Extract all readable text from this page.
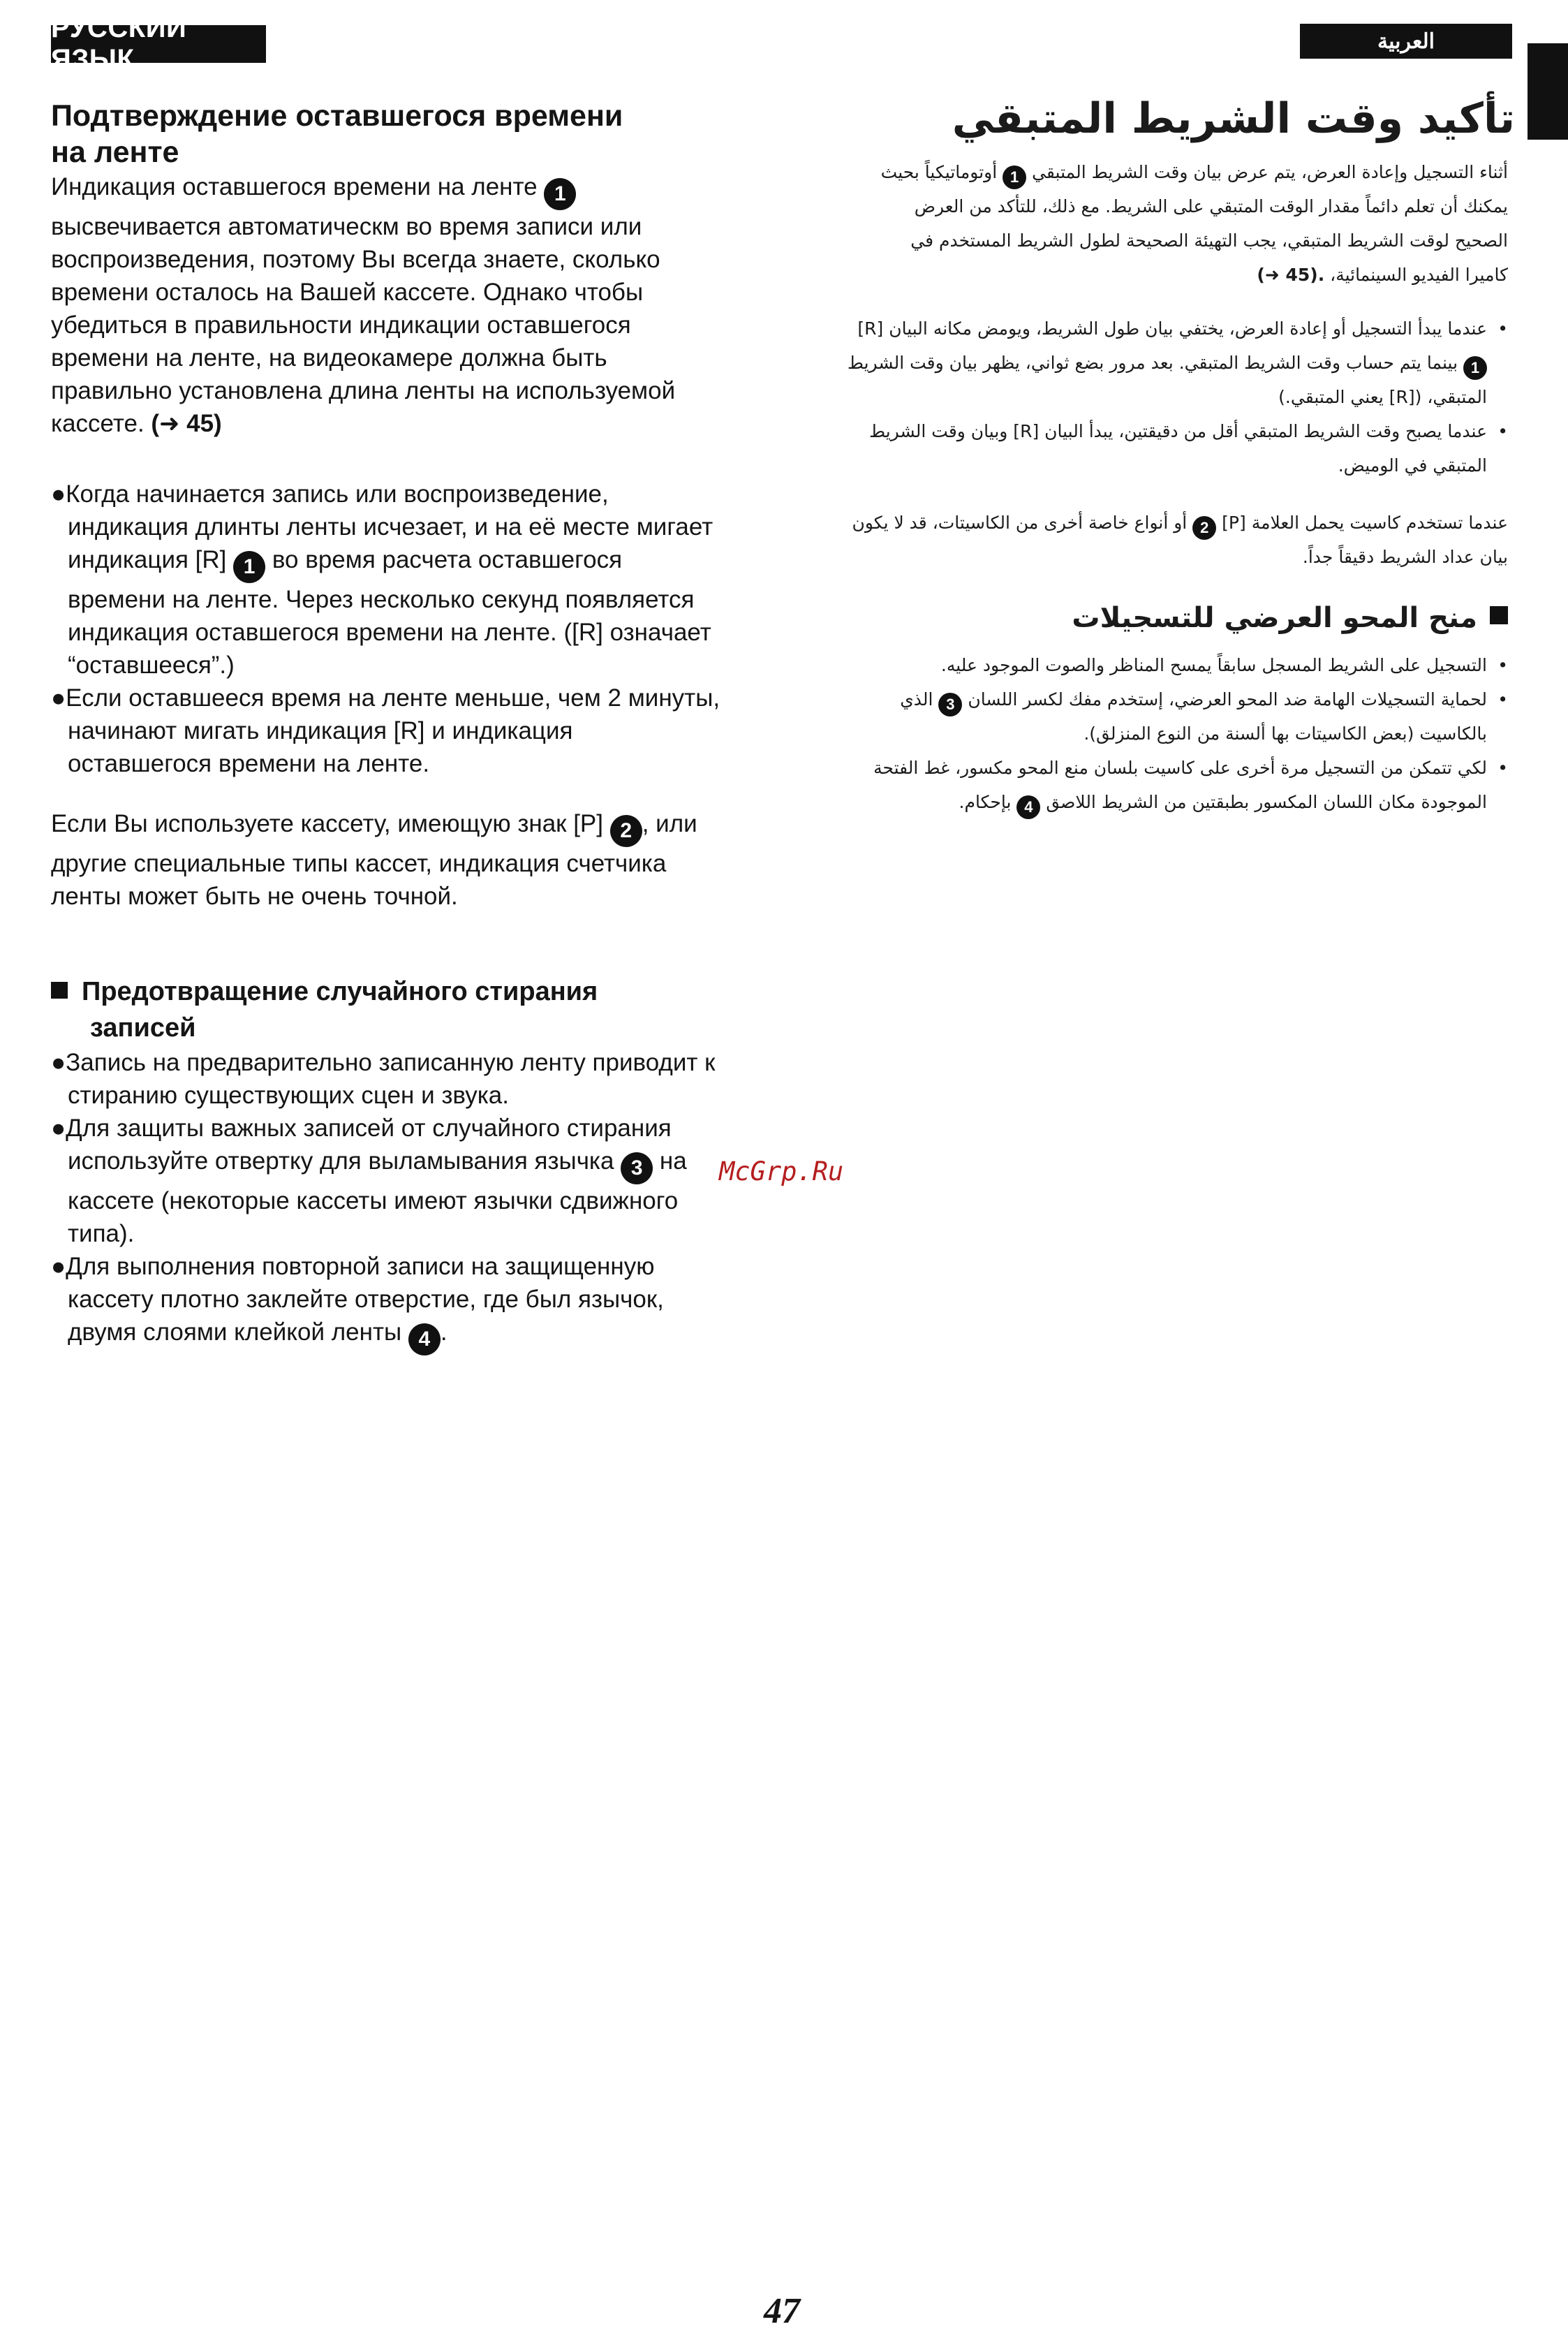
РУССКИЙ ЯЗЫК
العربية
Подтверждение оставшегося времени
на ленте

Индикация оставшегося времени на ленте 1 высвечивается автоматическм во время записи или воспроизведения, поэтому Вы всегда знаете, сколько времени осталось на Вашей кассете. Однако чтобы убедиться в правильности индикации оставшегося времени на ленте, на видеокамере должна быть правильно установлена длина ленты на используемой кассете. (➜ 45)

●Когда начинается запись или воспроизведение, индикация длинты ленты исчезает, и на её месте мигает индикация [R] 1 во время расчета оставшегося времени на ленте. Через несколько секунд появляется индикация оставшегося времени на ленте. ([R] означает “оставшееся”.)

●Если оставшееся время на ленте меньше, чем 2 минуты, начинают мигать индикация [R] и индикация оставшегося времени на ленте.

Если Вы используете кассету, имеющую знак [P] 2 , или другие специальные типы кассет, индикация счетчика ленты может быть не очень точной.

Предотвращение случайного стирания
записей

●Запись на предварительно записанную ленту приводит к стиранию существующих сцен и звука.

●Для защиты важных записей от случайного стирания используйте отвертку для выламывания язычка 3 на кассете (некоторые кассеты имеют язычки сдвижного типа).

●Для выполнения повторной записи на защищенную кассету плотно заклейте отверстие, где был язычок, двумя слоями клейкой ленты 4 .

تأكيد وقت الشريط المتبقي

أثناء التسجيل وإعادة العرض، يتم عرض بيان وقت الشريط المتبقي 1 أوتوماتيكياً بحيث يمكنك أن تعلم دائماً مقدار الوقت المتبقي على الشريط. مع ذلك، للتأكد من العرض الصحيح لوقت الشريط المتبقي، يجب التهيئة الصحيحة لطول الشريط المستخدم في كاميرا الفيديو السينمائية، (➜ 45).

• عندما يبدأ التسجيل أو إعادة العرض، يختفي بيان طول الشريط، ويومض مكانه البيان [R] 1 بينما يتم حساب وقت الشريط المتبقي. بعد مرور بضع ثواني، يظهر بيان وقت الشريط المتبقي، ([R] يعني المتبقي.)

• عندما يصبح وقت الشريط المتبقي أقل من دقيقتين، يبدأ البيان [R] وبيان وقت الشريط المتبقي في الوميض.

عندما تستخدم كاسيت يحمل العلامة [P] 2 أو أنواع خاصة أخرى من الكاسيتات، قد لا يكون بيان عداد الشريط دقيقاً جداً.

منح المحو العرضي للتسجيلات

• التسجيل على الشريط المسجل سابقاً يمسح المناظر والصوت الموجود عليه.

• لحماية التسجيلات الهامة ضد المحو العرضي، إستخدم مفك لكسر اللسان 3 الذي بالكاسيت (بعض الكاسيتات بها ألسنة من النوع المنزلق).

• لكي تتمكن من التسجيل مرة أخرى على كاسيت بلسان منع المحو مكسور، غط الفتحة الموجودة مكان اللسان المكسور بطبقتين من الشريط اللاصق 4 بإحكام.

McGrp.Ru
47
